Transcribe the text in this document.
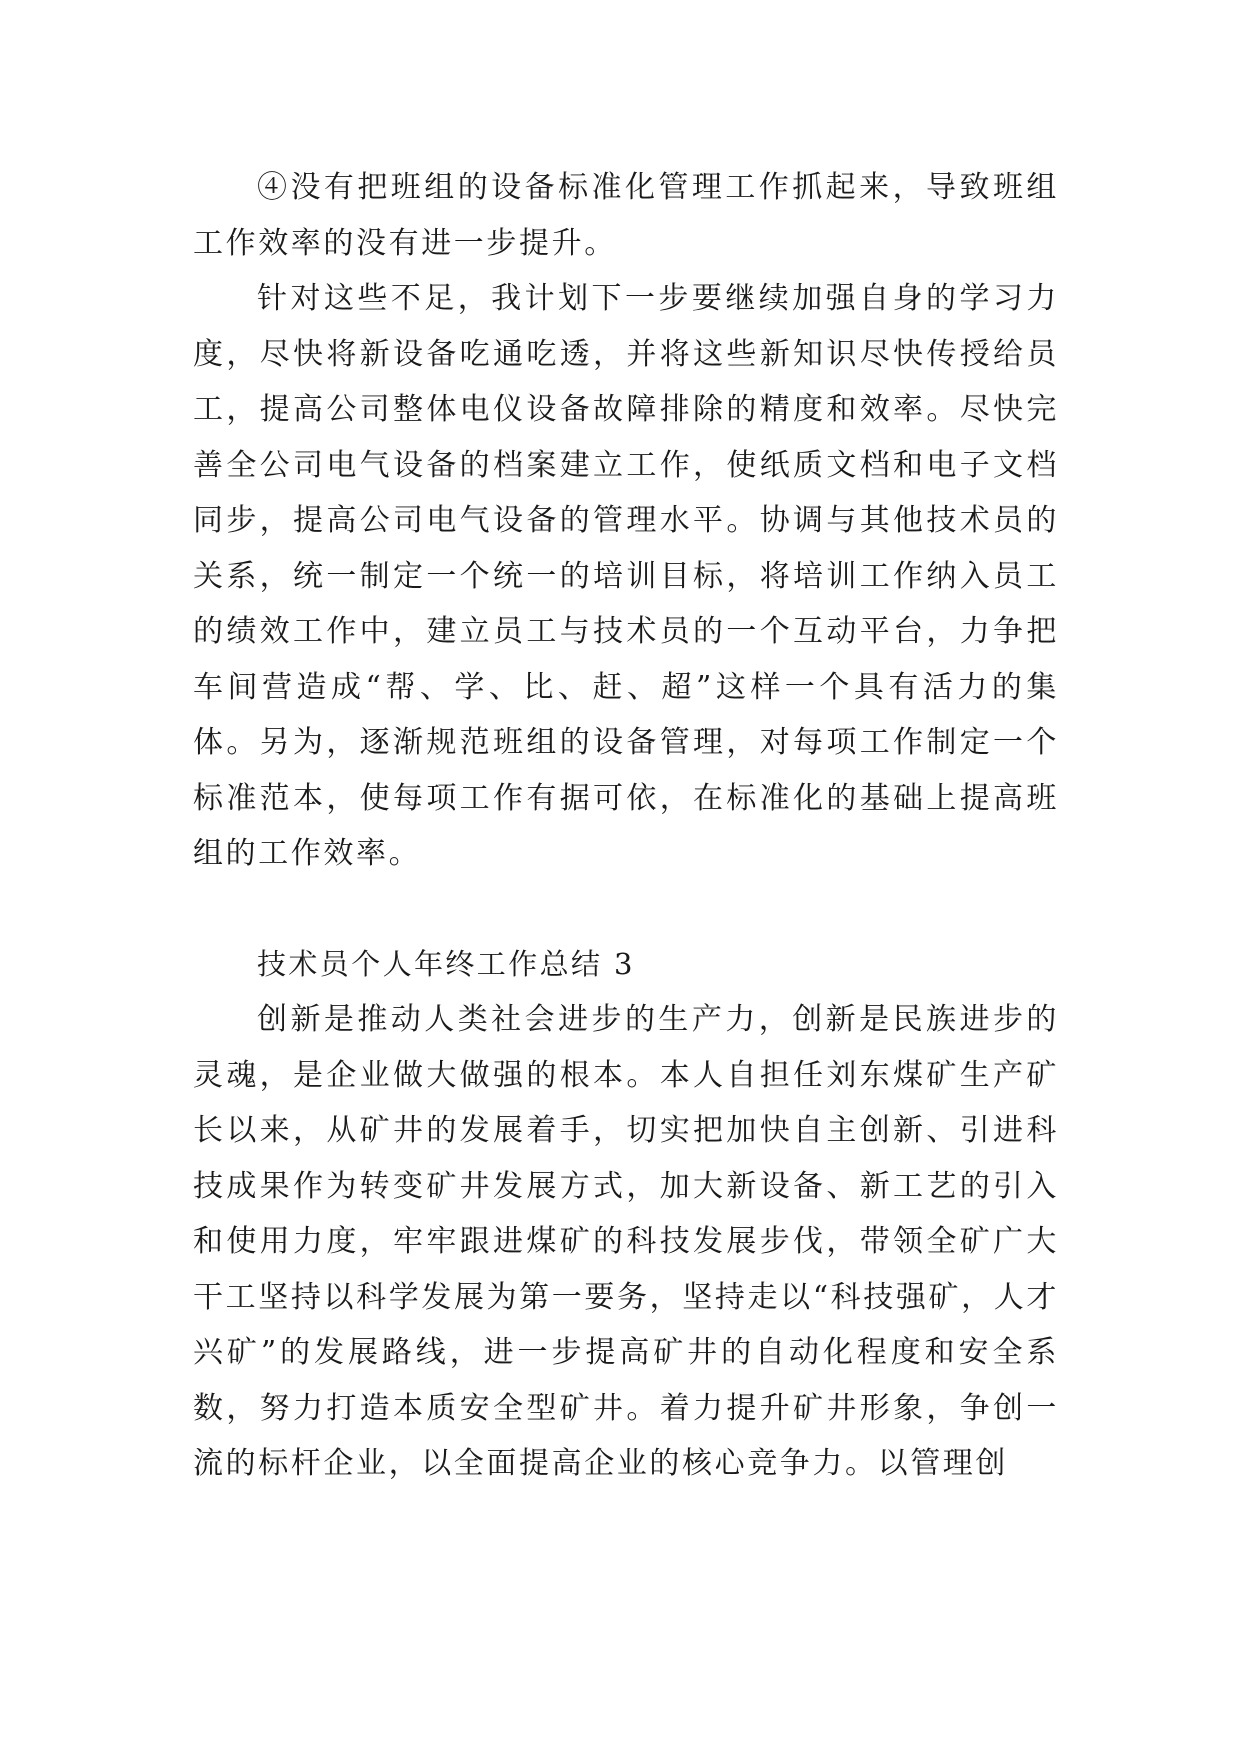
④没有把班组的设备标准化管理工作抓起来，导致班组工作效率的没有进一步提升。

针对这些不足，我计划下一步要继续加强自身的学习力度，尽快将新设备吃通吃透，并将这些新知识尽快传授给员工，提高公司整体电仪设备故障排除的精度和效率。尽快完善全公司电气设备的档案建立工作，使纸质文档和电子文档同步，提高公司电气设备的管理水平。协调与其他技术员的关系，统一制定一个统一的培训目标，将培训工作纳入员工的绩效工作中，建立员工与技术员的一个互动平台，力争把车间营造成“帮、学、比、赶、超”这样一个具有活力的集体。另为，逐渐规范班组的设备管理，对每项工作制定一个标准范本，使每项工作有据可依，在标准化的基础上提高班组的工作效率。

技术员个人年终工作总结 3

创新是推动人类社会进步的生产力，创新是民族进步的灵魂，是企业做大做强的根本。本人自担任刘东煤矿生产矿长以来，从矿井的发展着手，切实把加快自主创新、引进科技成果作为转变矿井发展方式，加大新设备、新工艺的引入和使用力度，牢牢跟进煤矿的科技发展步伐，带领全矿广大干工坚持以科学发展为第一要务，坚持走以“科技强矿，人才兴矿”的发展路线，进一步提高矿井的自动化程度和安全系数，努力打造本质安全型矿井。着力提升矿井形象，争创一流的标杆企业，以全面提高企业的核心竞争力。以管理创
